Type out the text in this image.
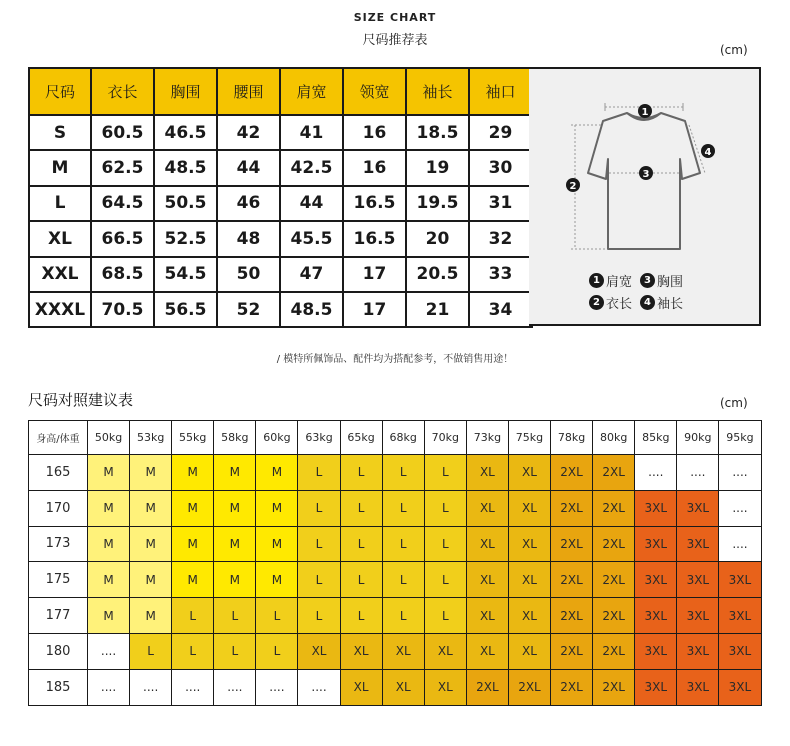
SIZE CHART
尺码推荐表
(cm)
尺码	衣长	胸围	腰围	肩宽	领宽	袖长	袖口
S	60.5	46.5	42	41	16	18.5	29
M	62.5	48.5	44	42.5	16	19	30
L	64.5	50.5	46	44	16.5	19.5	31
XL	66.5	52.5	48	45.5	16.5	20	32
XXL	68.5	54.5	50	47	17	20.5	33
XXXL	70.5	56.5	52	48.5	17	21	34
1
2
3
4
1 肩宽	3 胸围
2 衣长	4 袖长
/ 模特所佩饰品、配件均为搭配参考，不做销售用途！
尺码对照建议表	(cm)
身高/体重	50kg	53kg	55kg	58kg	60kg	63kg	65kg	68kg	70kg	73kg	75kg	78kg	80kg	85kg	90kg	95kg
165	M	M	M	M	M	L	L	L	L	XL	XL	2XL	2XL	....	....	....
170	M	M	M	M	M	L	L	L	L	XL	XL	2XL	2XL	3XL	3XL	....
173	M	M	M	M	M	L	L	L	L	XL	XL	2XL	2XL	3XL	3XL	....
175	M	M	M	M	M	L	L	L	L	XL	XL	2XL	2XL	3XL	3XL	3XL
177	M	M	L	L	L	L	L	L	L	XL	XL	2XL	2XL	3XL	3XL	3XL
180	....	L	L	L	L	XL	XL	XL	XL	XL	XL	2XL	2XL	3XL	3XL	3XL
185	....	....	....	....	....	....	XL	XL	XL	2XL	2XL	2XL	2XL	3XL	3XL	3XL
